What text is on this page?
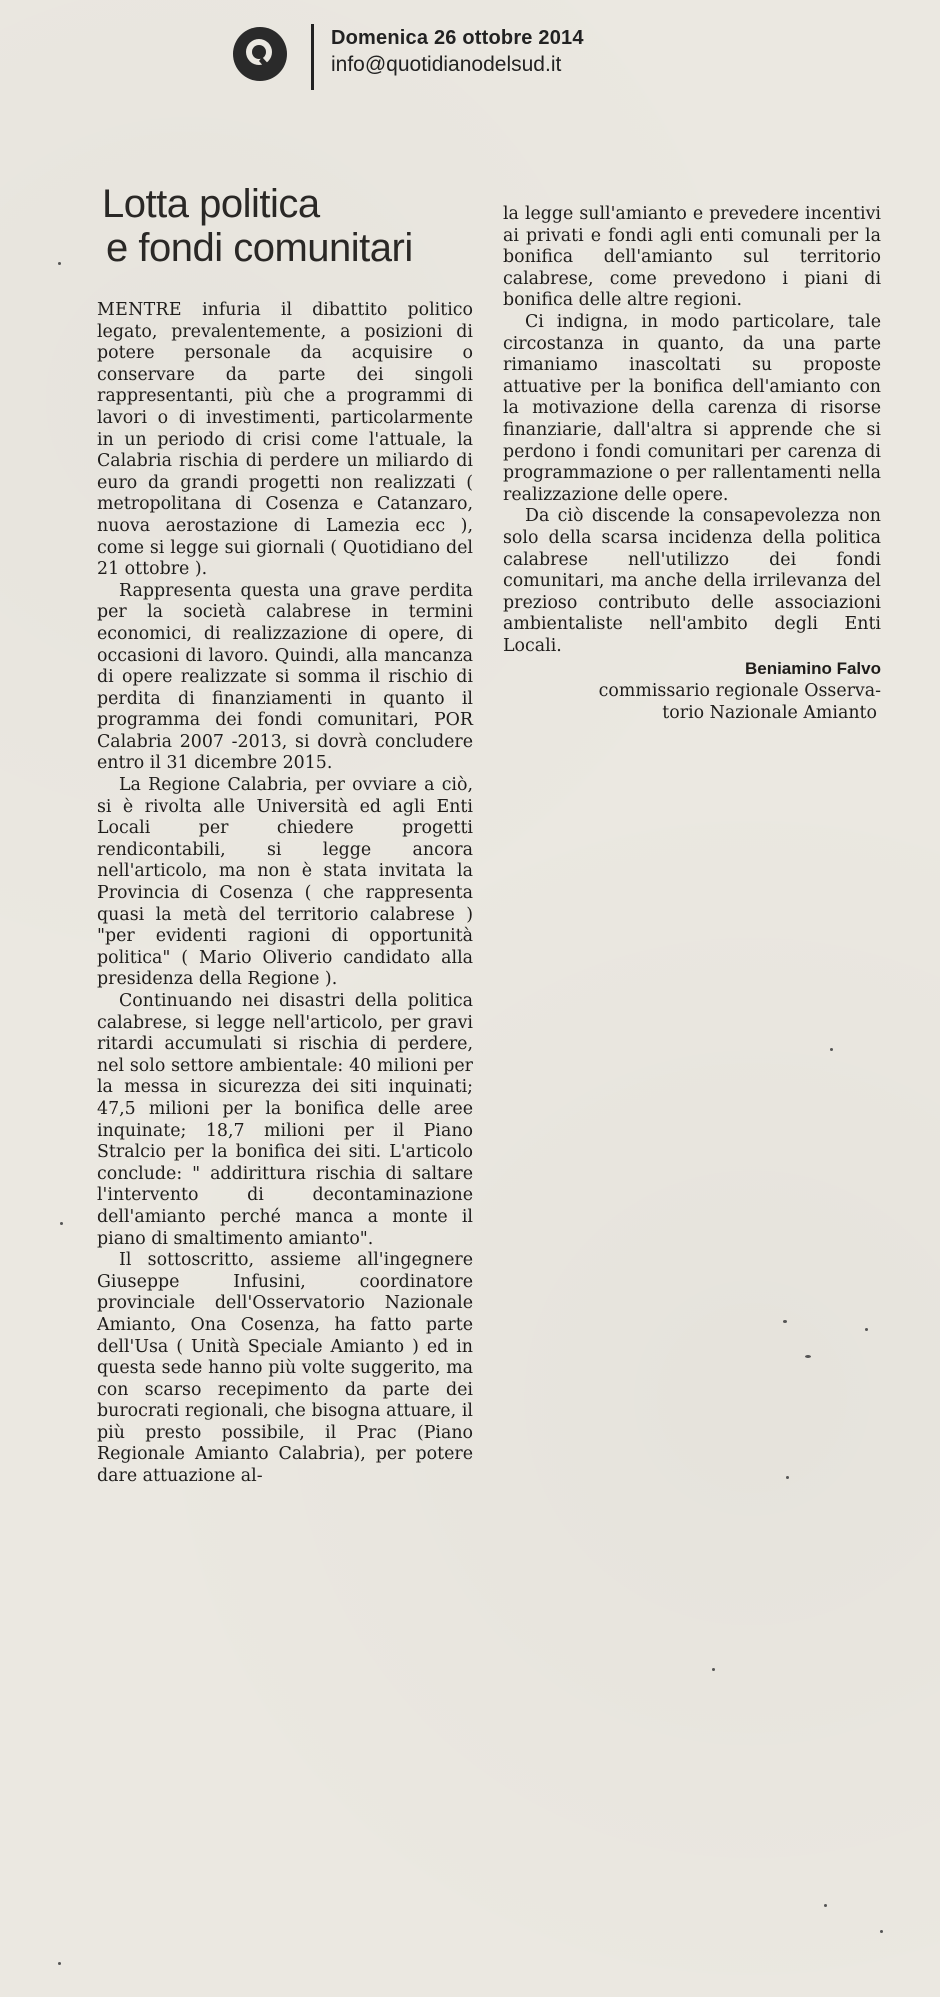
Domenica 26 ottobre 2014
info@quotidianodelsud.it
Lotta politica
e fondi comunitari

MENTRE infuria il dibattito politico legato, prevalentemente, a posizioni di potere personale da acquisire o conservare da parte dei singoli rappresentanti, più che a programmi di lavori o di investimenti, particolarmente in un periodo di crisi come l'attuale, la Calabria rischia di perdere un miliardo di euro da grandi progetti non realizzati ( metropolitana di Cosenza e Catanzaro, nuova aerostazione di Lamezia ecc ), come si legge sui giornali ( Quotidiano del 21 ottobre ).

Rappresenta questa una grave perdita per la società calabrese in termini economici, di realizzazione di opere, di occasioni di lavoro. Quindi, alla mancanza di opere realizzate si somma il rischio di perdita di finanziamenti in quanto il programma dei fondi comunitari, POR Calabria 2007 -2013, si dovrà concludere entro il 31 dicembre 2015.

La Regione Calabria, per ovviare a ciò, si è rivolta alle Università ed agli Enti Locali per chiedere progetti rendicontabili, si legge ancora nell'articolo, ma non è stata invitata la Provincia di Cosenza ( che rappresenta quasi la metà del territorio calabrese ) "per evidenti ragioni di opportunità politica" ( Mario Oliverio candidato alla presidenza della Regione ).

Continuando nei disastri della politica calabrese, si legge nell'articolo, per gravi ritardi accumulati si rischia di perdere, nel solo settore ambientale: 40 milioni per la messa in sicurezza dei siti inquinati; 47,5 milioni per la bonifica delle aree inquinate; 18,7 milioni per il Piano Stralcio per la bonifica dei siti. L'articolo conclude: " addirittura rischia di saltare l'intervento di decontaminazione dell'amianto perché manca a monte il piano di smaltimento amianto".

Il sottoscritto, assieme all'ingegnere Giuseppe Infusini, coordinatore provinciale dell'Osservatorio Nazionale Amianto, Ona Cosenza, ha fatto parte dell'Usa ( Unità Speciale Amianto ) ed in questa sede hanno più volte suggerito, ma con scarso recepimento da parte dei burocrati regionali, che bisogna attuare, il più presto possibile, il Prac (Piano Regionale Amianto Calabria), per potere dare attuazione al-

la legge sull'amianto e prevedere incentivi ai privati e fondi agli enti comunali per la bonifica dell'amianto sul territorio calabrese, come prevedono i piani di bonifica delle altre regioni.

Ci indigna, in modo particolare, tale circostanza in quanto, da una parte rimaniamo inascoltati su proposte attuative per la bonifica dell'amianto con la motivazione della carenza di risorse finanziarie, dall'altra si apprende che si perdono i fondi comunitari per carenza di programmazione o per rallentamenti nella realizzazione delle opere.

Da ciò discende la consapevolezza non solo della scarsa incidenza della politica calabrese nell'utilizzo dei fondi comunitari, ma anche della irrilevanza del prezioso contributo delle associazioni ambientaliste nell'ambito degli Enti Locali.

Beniamino Falvo

commissario regionale Osserva-

torio Nazionale Amianto
